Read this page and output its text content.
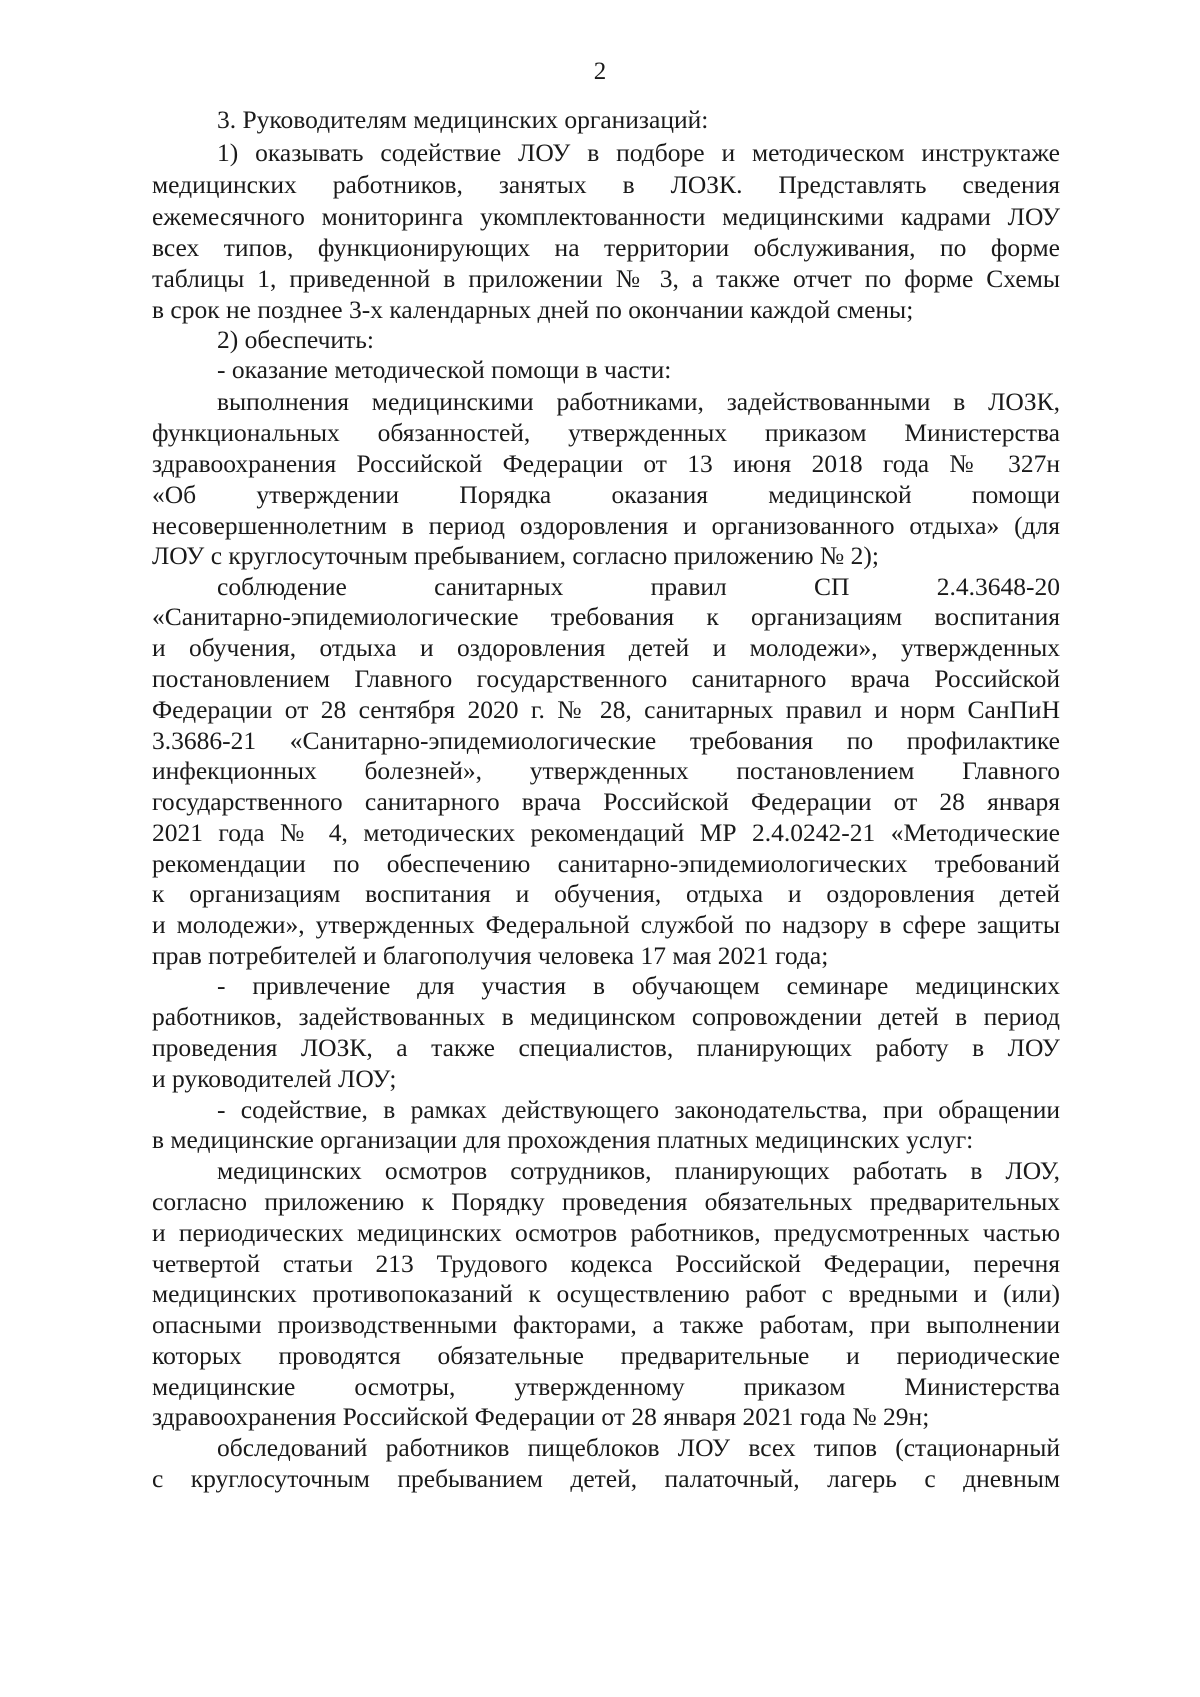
2
3. Руководителям медицинских организаций:
1) оказывать содействие ЛОУ в подборе и методическом инструктаже
медицинских работников, занятых в ЛОЗК. Представлять сведения
ежемесячного мониторинга укомплектованности медицинскими кадрами ЛОУ
всех типов, функционирующих на территории обслуживания, по форме
таблицы 1, приведенной в приложении № 3, а также отчет по форме Схемы
в срок не позднее 3-х календарных дней по окончании каждой смены;
2) обеспечить:
- оказание методической помощи в части:
выполнения медицинскими работниками, задействованными в ЛОЗК,
функциональных обязанностей, утвержденных приказом Министерства
здравоохранения Российской Федерации от 13 июня 2018 года № 327н
«Об утверждении Порядка оказания медицинской помощи
несовершеннолетним в период оздоровления и организованного отдыха» (для
ЛОУ с круглосуточным пребыванием, согласно приложению № 2);
соблюдение санитарных правил СП 2.4.3648-20
«Санитарно-эпидемиологические требования к организациям воспитания
и обучения, отдыха и оздоровления детей и молодежи», утвержденных
постановлением Главного государственного санитарного врача Российской
Федерации от 28 сентября 2020 г. № 28, санитарных правил и норм СанПиН
3.3686-21 «Санитарно-эпидемиологические требования по профилактике
инфекционных болезней», утвержденных постановлением Главного
государственного санитарного врача Российской Федерации от 28 января
2021 года № 4, методических рекомендаций МР 2.4.0242-21 «Методические
рекомендации по обеспечению санитарно-эпидемиологических требований
к организациям воспитания и обучения, отдыха и оздоровления детей
и молодежи», утвержденных Федеральной службой по надзору в сфере защиты
прав потребителей и благополучия человека 17 мая 2021 года;
- привлечение для участия в обучающем семинаре медицинских
работников, задействованных в медицинском сопровождении детей в период
проведения ЛОЗК, а также специалистов, планирующих работу в ЛОУ
и руководителей ЛОУ;
- содействие, в рамках действующего законодательства, при обращении
в медицинские организации для прохождения платных медицинских услуг:
медицинских осмотров сотрудников, планирующих работать в ЛОУ,
согласно приложению к Порядку проведения обязательных предварительных
и периодических медицинских осмотров работников, предусмотренных частью
четвертой статьи 213 Трудового кодекса Российской Федерации, перечня
медицинских противопоказаний к осуществлению работ с вредными и (или)
опасными производственными факторами, а также работам, при выполнении
которых проводятся обязательные предварительные и периодические
медицинские осмотры, утвержденному приказом Министерства
здравоохранения Российской Федерации от 28 января 2021 года № 29н;
обследований работников пищеблоков ЛОУ всех типов (стационарный
с круглосуточным пребыванием детей, палаточный, лагерь с дневным
